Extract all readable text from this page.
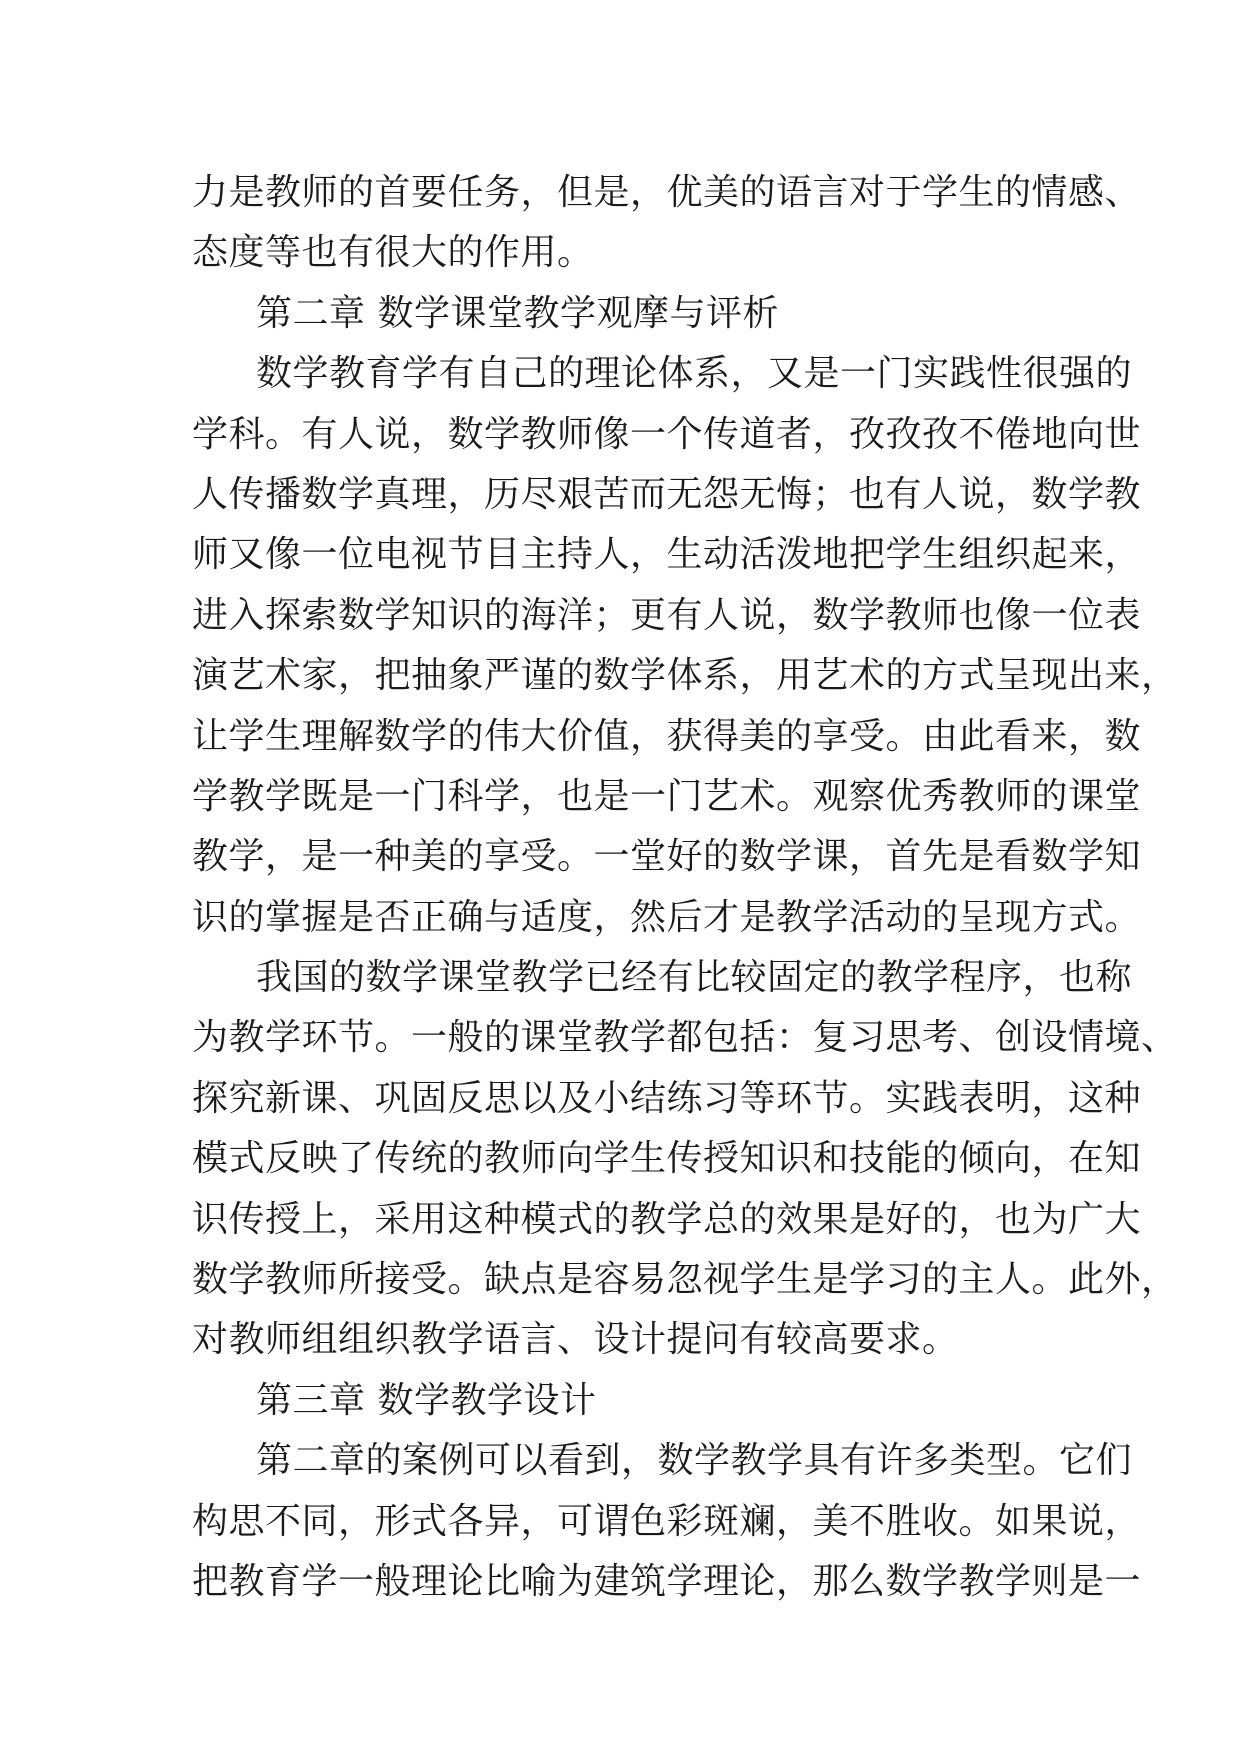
力是教师的首要任务，但是，优美的语言对于学生的情感、
态度等也有很大的作用。
第二章 数学课堂教学观摩与评析
数学教育学有自己的理论体系，又是一门实践性很强的
学科。有人说，数学教师像一个传道者，孜孜孜不倦地向世
人传播数学真理，历尽艰苦而无怨无悔；也有人说，数学教
师又像一位电视节目主持人，生动活泼地把学生组织起来，
进入探索数学知识的海洋；更有人说，数学教师也像一位表
演艺术家，把抽象严谨的数学体系，用艺术的方式呈现出来，
让学生理解数学的伟大价值，获得美的享受。由此看来，数
学教学既是一门科学，也是一门艺术。观察优秀教师的课堂
教学，是一种美的享受。一堂好的数学课，首先是看数学知
识的掌握是否正确与适度，然后才是教学活动的呈现方式。
我国的数学课堂教学已经有比较固定的教学程序，也称
为教学环节。一般的课堂教学都包括：复习思考、创设情境、
探究新课、巩固反思以及小结练习等环节。实践表明，这种
模式反映了传统的教师向学生传授知识和技能的倾向，在知
识传授上，采用这种模式的教学总的效果是好的，也为广大
数学教师所接受。缺点是容易忽视学生是学习的主人。此外，
对教师组组织教学语言、设计提问有较高要求。
第三章 数学教学设计
第二章的案例可以看到，数学教学具有许多类型。它们
构思不同，形式各异，可谓色彩斑斓，美不胜收。如果说，
把教育学一般理论比喻为建筑学理论，那么数学教学则是一
